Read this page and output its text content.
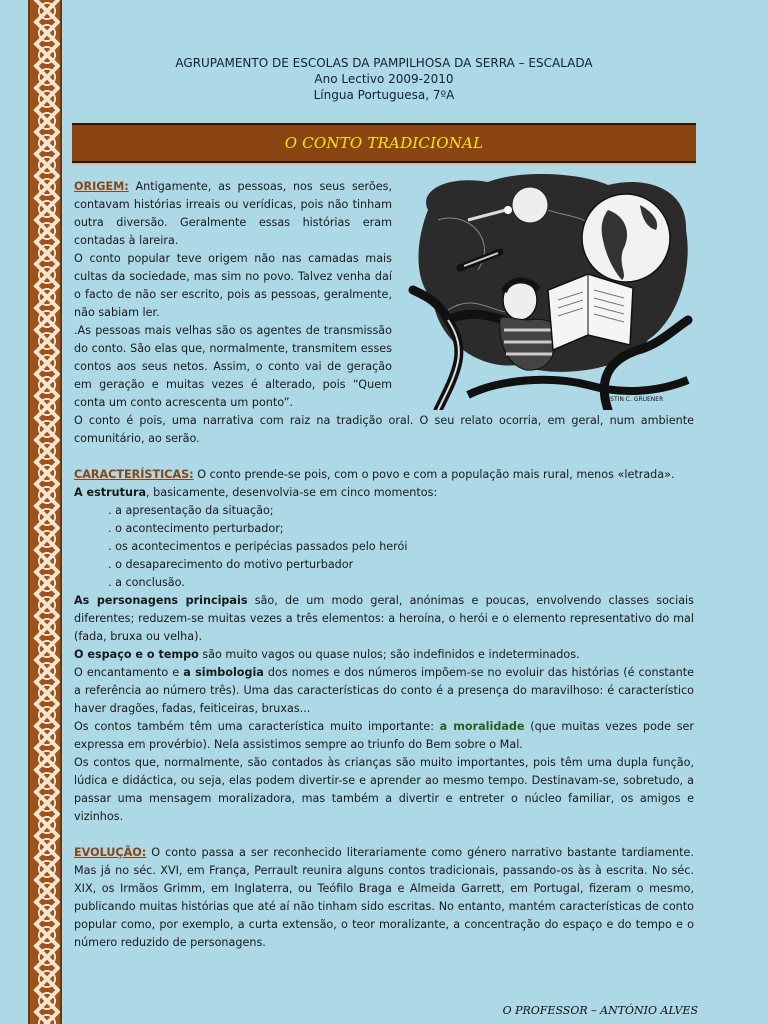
AGRUPAMENTO DE ESCOLAS DA PAMPILHOSA DA SERRA – ESCALADA
Ano Lectivo 2009-2010
Língua Portuguesa, 7ºA
O CONTO TRADICIONAL
JUSTIN C. GRUENER

ORIGEM: Antigamente, as pessoas, nos seus serões, contavam histórias irreais ou verídicas, pois não tinham outra diversão. Geralmente essas histórias eram contadas à lareira.

O conto popular teve origem não nas camadas mais cultas da sociedade, mas sim no povo. Talvez venha daí o facto de não ser escrito, pois as pessoas, geralmente, não sabiam ler.

.As pessoas mais velhas são os agentes de transmissão do conto. São elas que, normalmente, transmitem esses contos aos seus netos. Assim, o conto vai de geração em geração e muitas vezes é alterado, pois “Quem conta um conto acrescenta um ponto”.

O conto é pois, uma narrativa com raiz na tradição oral. O seu relato ocorria, em geral, num ambiente comunitário, ao serão.

CARACTERÍSTICAS: O conto prende-se pois, com o povo e com a população mais rural, menos «letrada».

A estrutura, basicamente, desenvolvia-se em cinco momentos:

. a apresentação da situação;
. o acontecimento perturbador;
. os acontecimentos e peripécias passados pelo herói
. o desaparecimento do motivo perturbador
. a conclusão.

As personagens principais são, de um modo geral, anónimas e poucas, envolvendo classes sociais diferentes; reduzem-se muitas vezes a três elementos: a heroína, o herói e o elemento representativo do mal (fada, bruxa ou velha).

O espaço e o tempo são muito vagos ou quase nulos; são indefinidos e indeterminados.

O encantamento e a simbologia dos nomes e dos números impõem-se no evoluir das histórias (é constante a referência ao número três). Uma das características do conto é a presença do maravilhoso: é característico haver dragões, fadas, feiticeiras, bruxas...

Os contos também têm uma característica muito importante: a moralidade (que muitas vezes pode ser expressa em provérbio). Nela assistimos sempre ao triunfo do Bem sobre o Mal.

Os contos que, normalmente, são contados às crianças são muito importantes, pois têm uma dupla função, lúdica e didáctica, ou seja, elas podem divertir-se e aprender ao mesmo tempo. Destinavam-se, sobretudo, a passar uma mensagem moralizadora, mas também a divertir e entreter o núcleo familiar, os amigos e vizinhos.

EVOLUÇÃO: O conto passa a ser reconhecido literariamente como género narrativo bastante tardiamente. Mas já no séc. XVI, em França, Perrault reunira alguns contos tradicionais, passando-os às à escrita. No séc. XIX, os Irmãos Grimm, em Inglaterra, ou Teófilo Braga e Almeida Garrett, em Portugal, fizeram o mesmo, publicando muitas histórias que até aí não tinham sido escritas. No entanto, mantém características de conto popular como, por exemplo, a curta extensão, o teor moralizante, a concentração do espaço e do tempo e o número reduzido de personagens.

O PROFESSOR – ANTÓNIO ALVES
